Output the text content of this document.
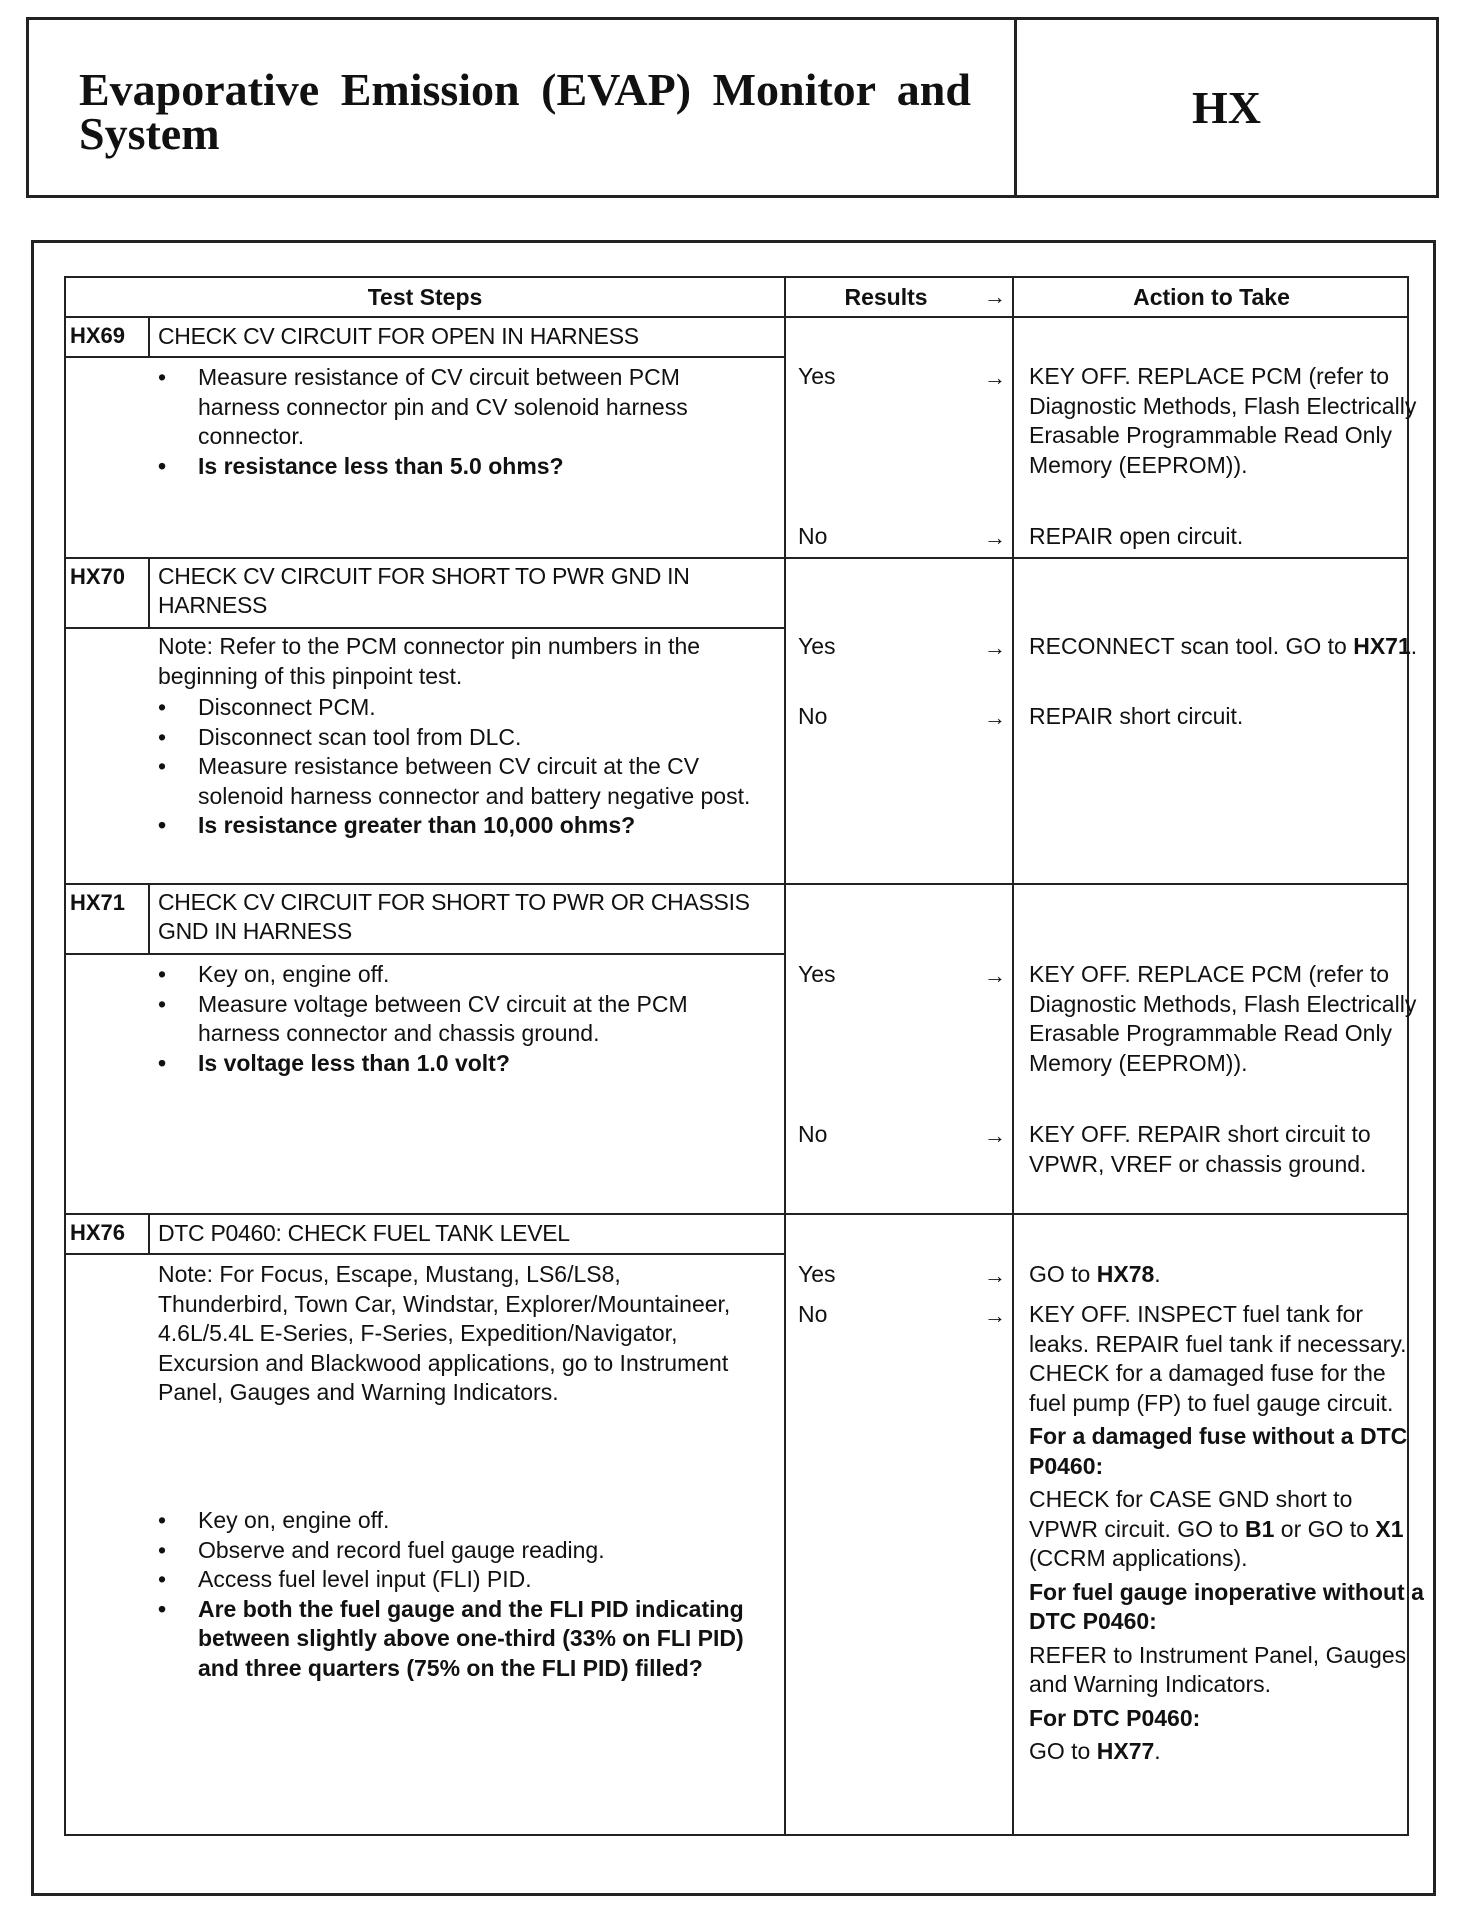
Evaporative Emission (EVAP) Monitor and System
HX
Test Steps	Results	→	Action to Take
HX69 CHECK CV CIRCUIT FOR OPEN IN HARNESS
• Measure resistance of CV circuit between PCM harness connector pin and CV solenoid harness connector.
• Is resistance less than 5.0 ohms?
Yes	→ KEY OFF. REPLACE PCM (refer to Diagnostic Methods, Flash Electrically Erasable Programmable Read Only Memory (EEPROM)).

No	→ REPAIR open circuit.

HX70 CHECK CV CIRCUIT FOR SHORT TO PWR GND IN HARNESS

Note: Refer to the PCM connector pin numbers in the beginning of this pinpoint test.

• Disconnect PCM.
• Disconnect scan tool from DLC.
• Measure resistance between CV circuit at the CV solenoid harness connector and battery negative post.
• Is resistance greater than 10,000 ohms?
Yes	→ RECONNECT scan tool. GO to HX71.

No	→ REPAIR short circuit.

HX71 CHECK CV CIRCUIT FOR SHORT TO PWR OR CHASSIS GND IN HARNESS
• Key on, engine off.
• Measure voltage between CV circuit at the PCM harness connector and chassis ground.
• Is voltage less than 1.0 volt?
Yes	→ KEY OFF. REPLACE PCM (refer to Diagnostic Methods, Flash Electrically Erasable Programmable Read Only Memory (EEPROM)).

No	→ KEY OFF. REPAIR short circuit to VPWR, VREF or chassis ground.

HX76 DTC P0460: CHECK FUEL TANK LEVEL

Note: For Focus, Escape, Mustang, LS6/LS8, Thunderbird, Town Car, Windstar, Explorer/Mountaineer, 4.6L/5.4L E-Series, F-Series, Expedition/Navigator, Excursion and Blackwood applications, go to Instrument Panel, Gauges and Warning Indicators.

• Key on, engine off.
• Observe and record fuel gauge reading.
• Access fuel level input (FLI) PID.
• Are both the fuel gauge and the FLI PID indicating between slightly above one-third (33% on FLI PID) and three quarters (75% on the FLI PID) filled?
Yes	→ GO to HX78.

No	→ KEY OFF. INSPECT fuel tank for leaks. REPAIR fuel tank if necessary. CHECK for a damaged fuse for the fuel pump (FP) to fuel gauge circuit.

For a damaged fuse without a DTC P0460:

CHECK for CASE GND short to VPWR circuit. GO to B1 or GO to X1 (CCRM applications).

For fuel gauge inoperative without a DTC P0460:

REFER to Instrument Panel, Gauges and Warning Indicators.

For DTC P0460:

GO to HX77.
